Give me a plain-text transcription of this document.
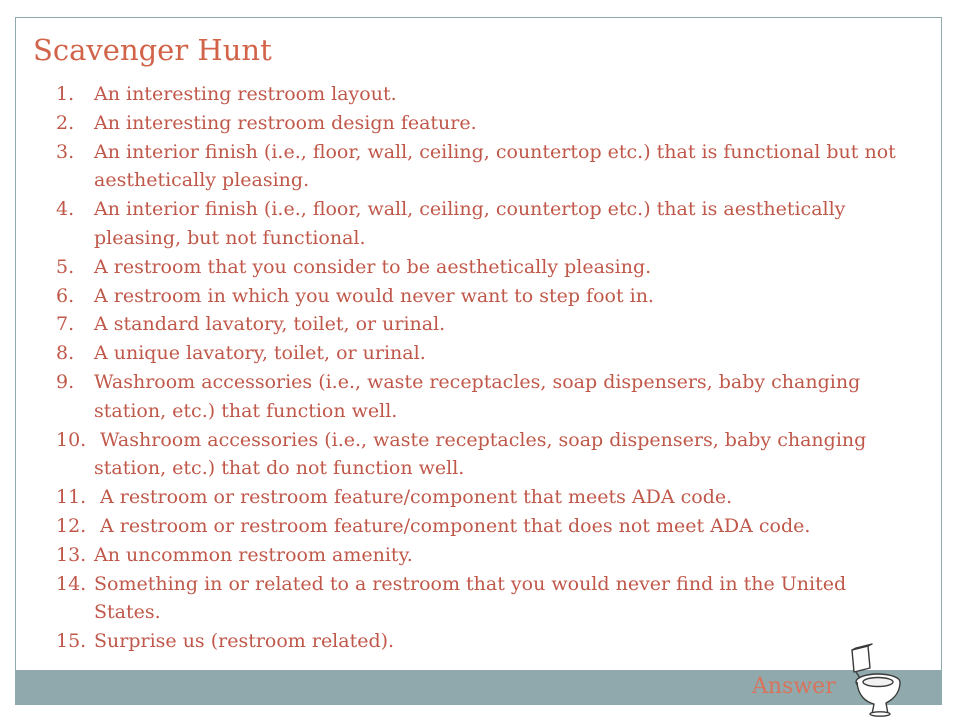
Scavenger Hunt
1. An interesting restroom layout.
2. An interesting restroom design feature.
3. An interior finish (i.e., floor, wall, ceiling, countertop etc.) that is functional but not aesthetically pleasing.
4. An interior finish (i.e., floor, wall, ceiling, countertop etc.) that is aesthetically pleasing, but not functional.
5. A restroom that you consider to be aesthetically pleasing.
6. A restroom in which you would never want to step foot in.
7. A standard lavatory, toilet, or urinal.
8. A unique lavatory, toilet, or urinal.
9. Washroom accessories (i.e., waste receptacles, soap dispensers, baby changing station, etc.) that function well.
10. Washroom accessories (i.e., waste receptacles, soap dispensers, baby changing station, etc.) that do not function well.
11. A restroom or restroom feature/component that meets ADA code.
12. A restroom or restroom feature/component that does not meet ADA code.
13. An uncommon restroom amenity.
14. Something in or related to a restroom that you would never find in the United States.
15. Surprise us (restroom related).
Answer
